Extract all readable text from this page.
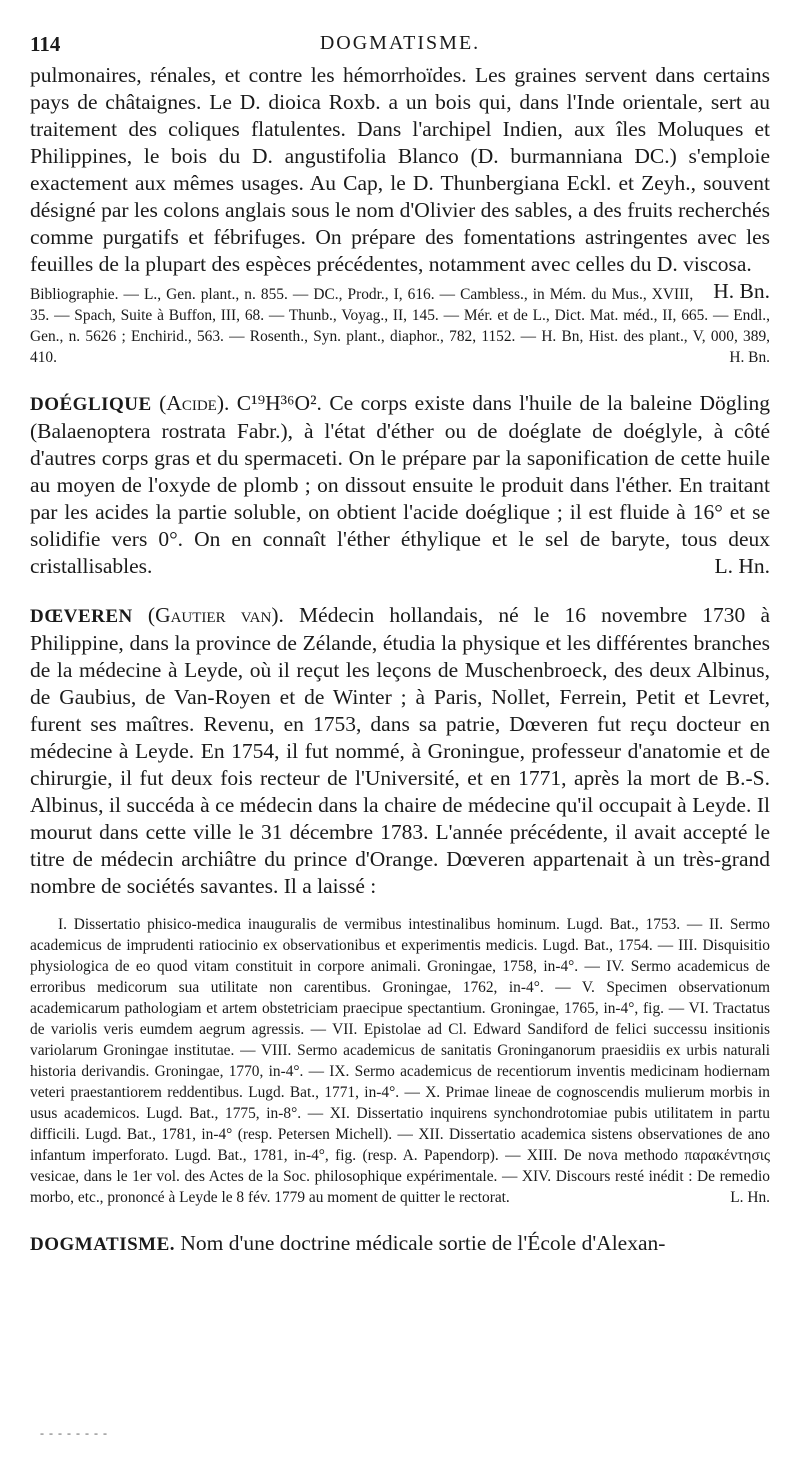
114	DOGMATISME.

pulmonaires, rénales, et contre les hémorrhoïdes. Les graines servent dans certains pays de châtaignes. Le D. dioica Roxb. a un bois qui, dans l'Inde orientale, sert au traitement des coliques flatulentes. Dans l'archipel Indien, aux îles Moluques et Philippines, le bois du D. angustifolia Blanco (D. burmanniana DC.) s'emploie exactement aux mêmes usages. Au Cap, le D. Thunbergiana Eckl. et Zeyh., souvent désigné par les colons anglais sous le nom d'Olivier des sables, a des fruits recherchés comme purgatifs et fébrifuges. On prépare des fomentations astringentes avec les feuilles de la plupart des espèces précédentes, notamment avec celles du D. viscosa.
H. Bn.

Bibliographie. — L., Gen. plant., n. 855. — DC., Prodr., I, 616. — Cambless., in Mém. du Mus., XVIII, 35. — Spach, Suite à Buffon, III, 68. — Thunb., Voyag., II, 145. — Mér. et de L., Dict. Mat. méd., II, 665. — Endl., Gen., n. 5626 ; Enchirid., 563. — Rosenth., Syn. plant., diaphor., 782, 1152. — H. Bn, Hist. des plant., V, 000, 389, 410.	H. Bn.

DOÉGLIQUE (Acide). C¹⁹H³⁶O². Ce corps existe dans l'huile de la baleine Dögling (Balaenoptera rostrata Fabr.), à l'état d'éther ou de doéglate de doéglyle, à côté d'autres corps gras et du spermaceti. On le prépare par la saponification de cette huile au moyen de l'oxyde de plomb ; on dissout ensuite le produit dans l'éther. En traitant par les acides la partie soluble, on obtient l'acide doéglique ; il est fluide à 16° et se solidifie vers 0°. On en connaît l'éther éthylique et le sel de baryte, tous deux cristallisables.	L. Hn.

DŒVEREN (Gautier van). Médecin hollandais, né le 16 novembre 1730 à Philippine, dans la province de Zélande, étudia la physique et les différentes branches de la médecine à Leyde, où il reçut les leçons de Muschenbroeck, des deux Albinus, de Gaubius, de Van-Royen et de Winter ; à Paris, Nollet, Ferrein, Petit et Levret, furent ses maîtres. Revenu, en 1753, dans sa patrie, Dœveren fut reçu docteur en médecine à Leyde. En 1754, il fut nommé, à Groningue, professeur d'anatomie et de chirurgie, il fut deux fois recteur de l'Université, et en 1771, après la mort de B.-S. Albinus, il succéda à ce médecin dans la chaire de médecine qu'il occupait à Leyde. Il mourut dans cette ville le 31 décembre 1783. L'année précédente, il avait accepté le titre de médecin archiâtre du prince d'Orange. Dœveren appartenait à un très-grand nombre de sociétés savantes. Il a laissé :

I. Dissertatio phisico-medica inauguralis de vermibus intestinalibus hominum. Lugd. Bat., 1753. — II. Sermo academicus de imprudenti ratiocinio ex observationibus et experimentis medicis. Lugd. Bat., 1754. — III. Disquisitio physiologica de eo quod vitam constituit in corpore animali. Groningae, 1758, in-4°. — IV. Sermo academicus de erroribus medicorum sua utilitate non carentibus. Groningae, 1762, in-4°. — V. Specimen observationum academicarum pathologiam et artem obstetriciam praecipue spectantium. Groningae, 1765, in-4°, fig. — VI. Tractatus de variolis veris eumdem aegrum agressis. — VII. Epistolae ad Cl. Edward Sandiford de felici successu insitionis variolarum Groningae institutae. — VIII. Sermo academicus de sanitatis Groninganorum praesidiis ex urbis naturali historia derivandis. Groningae, 1770, in-4°. — IX. Sermo academicus de recentiorum inventis medicinam hodiernam veteri praestantiorem reddentibus. Lugd. Bat., 1771, in-4°. — X. Primae lineae de cognoscendis mulierum morbis in usus academicos. Lugd. Bat., 1775, in-8°. — XI. Dissertatio inquirens synchondrotomiae pubis utilitatem in partu difficili. Lugd. Bat., 1781, in-4° (resp. Petersen Michell). — XII. Dissertatio academica sistens observationes de ano infantum imperforato. Lugd. Bat., 1781, in-4°, fig. (resp. A. Papendorp). — XIII. De nova methodo παρακέντησις vesicae, dans le 1er vol. des Actes de la Soc. philosophique expérimentale. — XIV. Discours resté inédit : De remedio morbo, etc., prononcé à Leyde le 8 fév. 1779 au moment de quitter le rectorat.	L. Hn.

DOGMATISME. Nom d'une doctrine médicale sortie de l'École d'Alexan-

- - - - - - - -
